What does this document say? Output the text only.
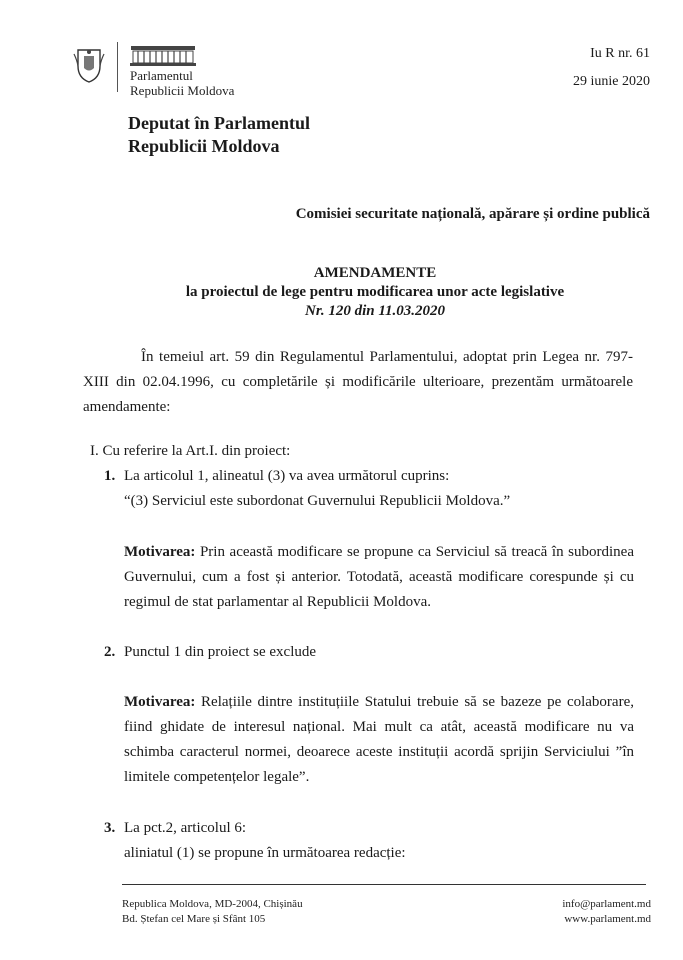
Parlamentul
Republicii Moldova
Iu R nr. 61
29 iunie 2020
Deputat în Parlamentul
Republicii Moldova
Comisiei securitate națională, apărare și ordine publică
AMENDAMENTE
la proiectul de lege pentru modificarea unor acte legislative
Nr. 120 din 11.03.2020
În temeiul art. 59 din Regulamentul Parlamentului, adoptat prin Legea nr. 797-XIII din 02.04.1996, cu completările și modificările ulterioare, prezentăm următoarele amendamente:
I. Cu referire la Art.I. din proiect:
1. La articolul 1, alineatul (3) va avea următorul cuprins:
“(3) Serviciul este subordonat Guvernului Republicii Moldova.”
Motivarea: Prin această modificare se propune ca Serviciul să treacă în subordinea Guvernului, cum a fost și anterior. Totodată, această modificare corespunde și cu regimul de stat parlamentar al Republicii Moldova.
2. Punctul 1 din proiect se exclude
Motivarea: Relațiile dintre instituțiile Statului trebuie să se bazeze pe colaborare, fiind ghidate de interesul național. Mai mult ca atât, această modificare nu va schimba caracterul normei, deoarece aceste instituții acordă sprijin Serviciului ”în limitele competențelor legale”.
3. La pct.2, articolul 6:
aliniatul (1) se propune în următoarea redacție:
Republica Moldova, MD-2004, Chișinău
Bd. Ștefan cel Mare și Sfânt 105
info@parlament.md
www.parlament.md
